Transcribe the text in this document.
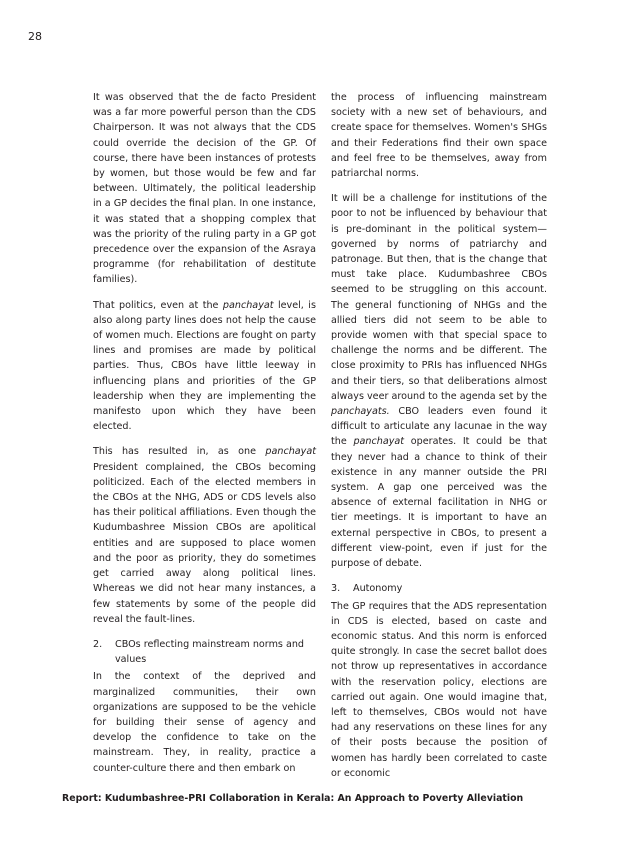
28

It was observed that the de facto President was a far more powerful person than the CDS Chairperson. It was not always that the CDS could override the decision of the GP. Of course, there have been instances of protests by women, but those would be few and far between. Ultimately, the political leadership in a GP decides the final plan. In one instance, it was stated that a shopping complex that was the priority of the ruling party in a GP got precedence over the expansion of the Asraya programme (for rehabilitation of destitute families).

That politics, even at the panchayat level, is also along party lines does not help the cause of women much. Elections are fought on party lines and promises are made by political parties. Thus, CBOs have little leeway in influencing plans and priorities of the GP leadership when they are implementing the manifesto upon which they have been elected.

This has resulted in, as one panchayat President complained, the CBOs becoming politicized. Each of the elected members in the CBOs at the NHG, ADS or CDS levels also has their political affiliations. Even though the Kudumbashree Mission CBOs are apolitical entities and are supposed to place women and the poor as priority, they do sometimes get carried away along political lines. Whereas we did not hear many instances, a few statements by some of the people did reveal the fault-lines.

2.	CBOs reflecting mainstream norms and values

In the context of the deprived and marginalized communities, their own organizations are supposed to be the vehicle for building their sense of agency and develop the confidence to take on the mainstream. They, in reality, practice a counter-culture there and then embark on

the process of influencing mainstream society with a new set of behaviours, and create space for themselves. Women's SHGs and their Federations find their own space and feel free to be themselves, away from patriarchal norms.

It will be a challenge for institutions of the poor to not be influenced by behaviour that is pre-dominant in the political system—governed by norms of patriarchy and patronage. But then, that is the change that must take place. Kudumbashree CBOs seemed to be struggling on this account. The general functioning of NHGs and the allied tiers did not seem to be able to provide women with that special space to challenge the norms and be different. The close proximity to PRIs has influenced NHGs and their tiers, so that deliberations almost always veer around to the agenda set by the panchayats. CBO leaders even found it difficult to articulate any lacunae in the way the panchayat operates. It could be that they never had a chance to think of their existence in any manner outside the PRI system. A gap one perceived was the absence of external facilitation in NHG or tier meetings. It is important to have an external perspective in CBOs, to present a different view-point, even if just for the purpose of debate.

3.	Autonomy

The GP requires that the ADS representation in CDS is elected, based on caste and economic status. And this norm is enforced quite strongly. In case the secret ballot does not throw up representatives in accordance with the reservation policy, elections are carried out again. One would imagine that, left to themselves, CBOs would not have had any reservations on these lines for any of their posts because the position of women has hardly been correlated to caste or economic

Report: Kudumbashree-PRI Collaboration in Kerala: An Approach to Poverty Alleviation
